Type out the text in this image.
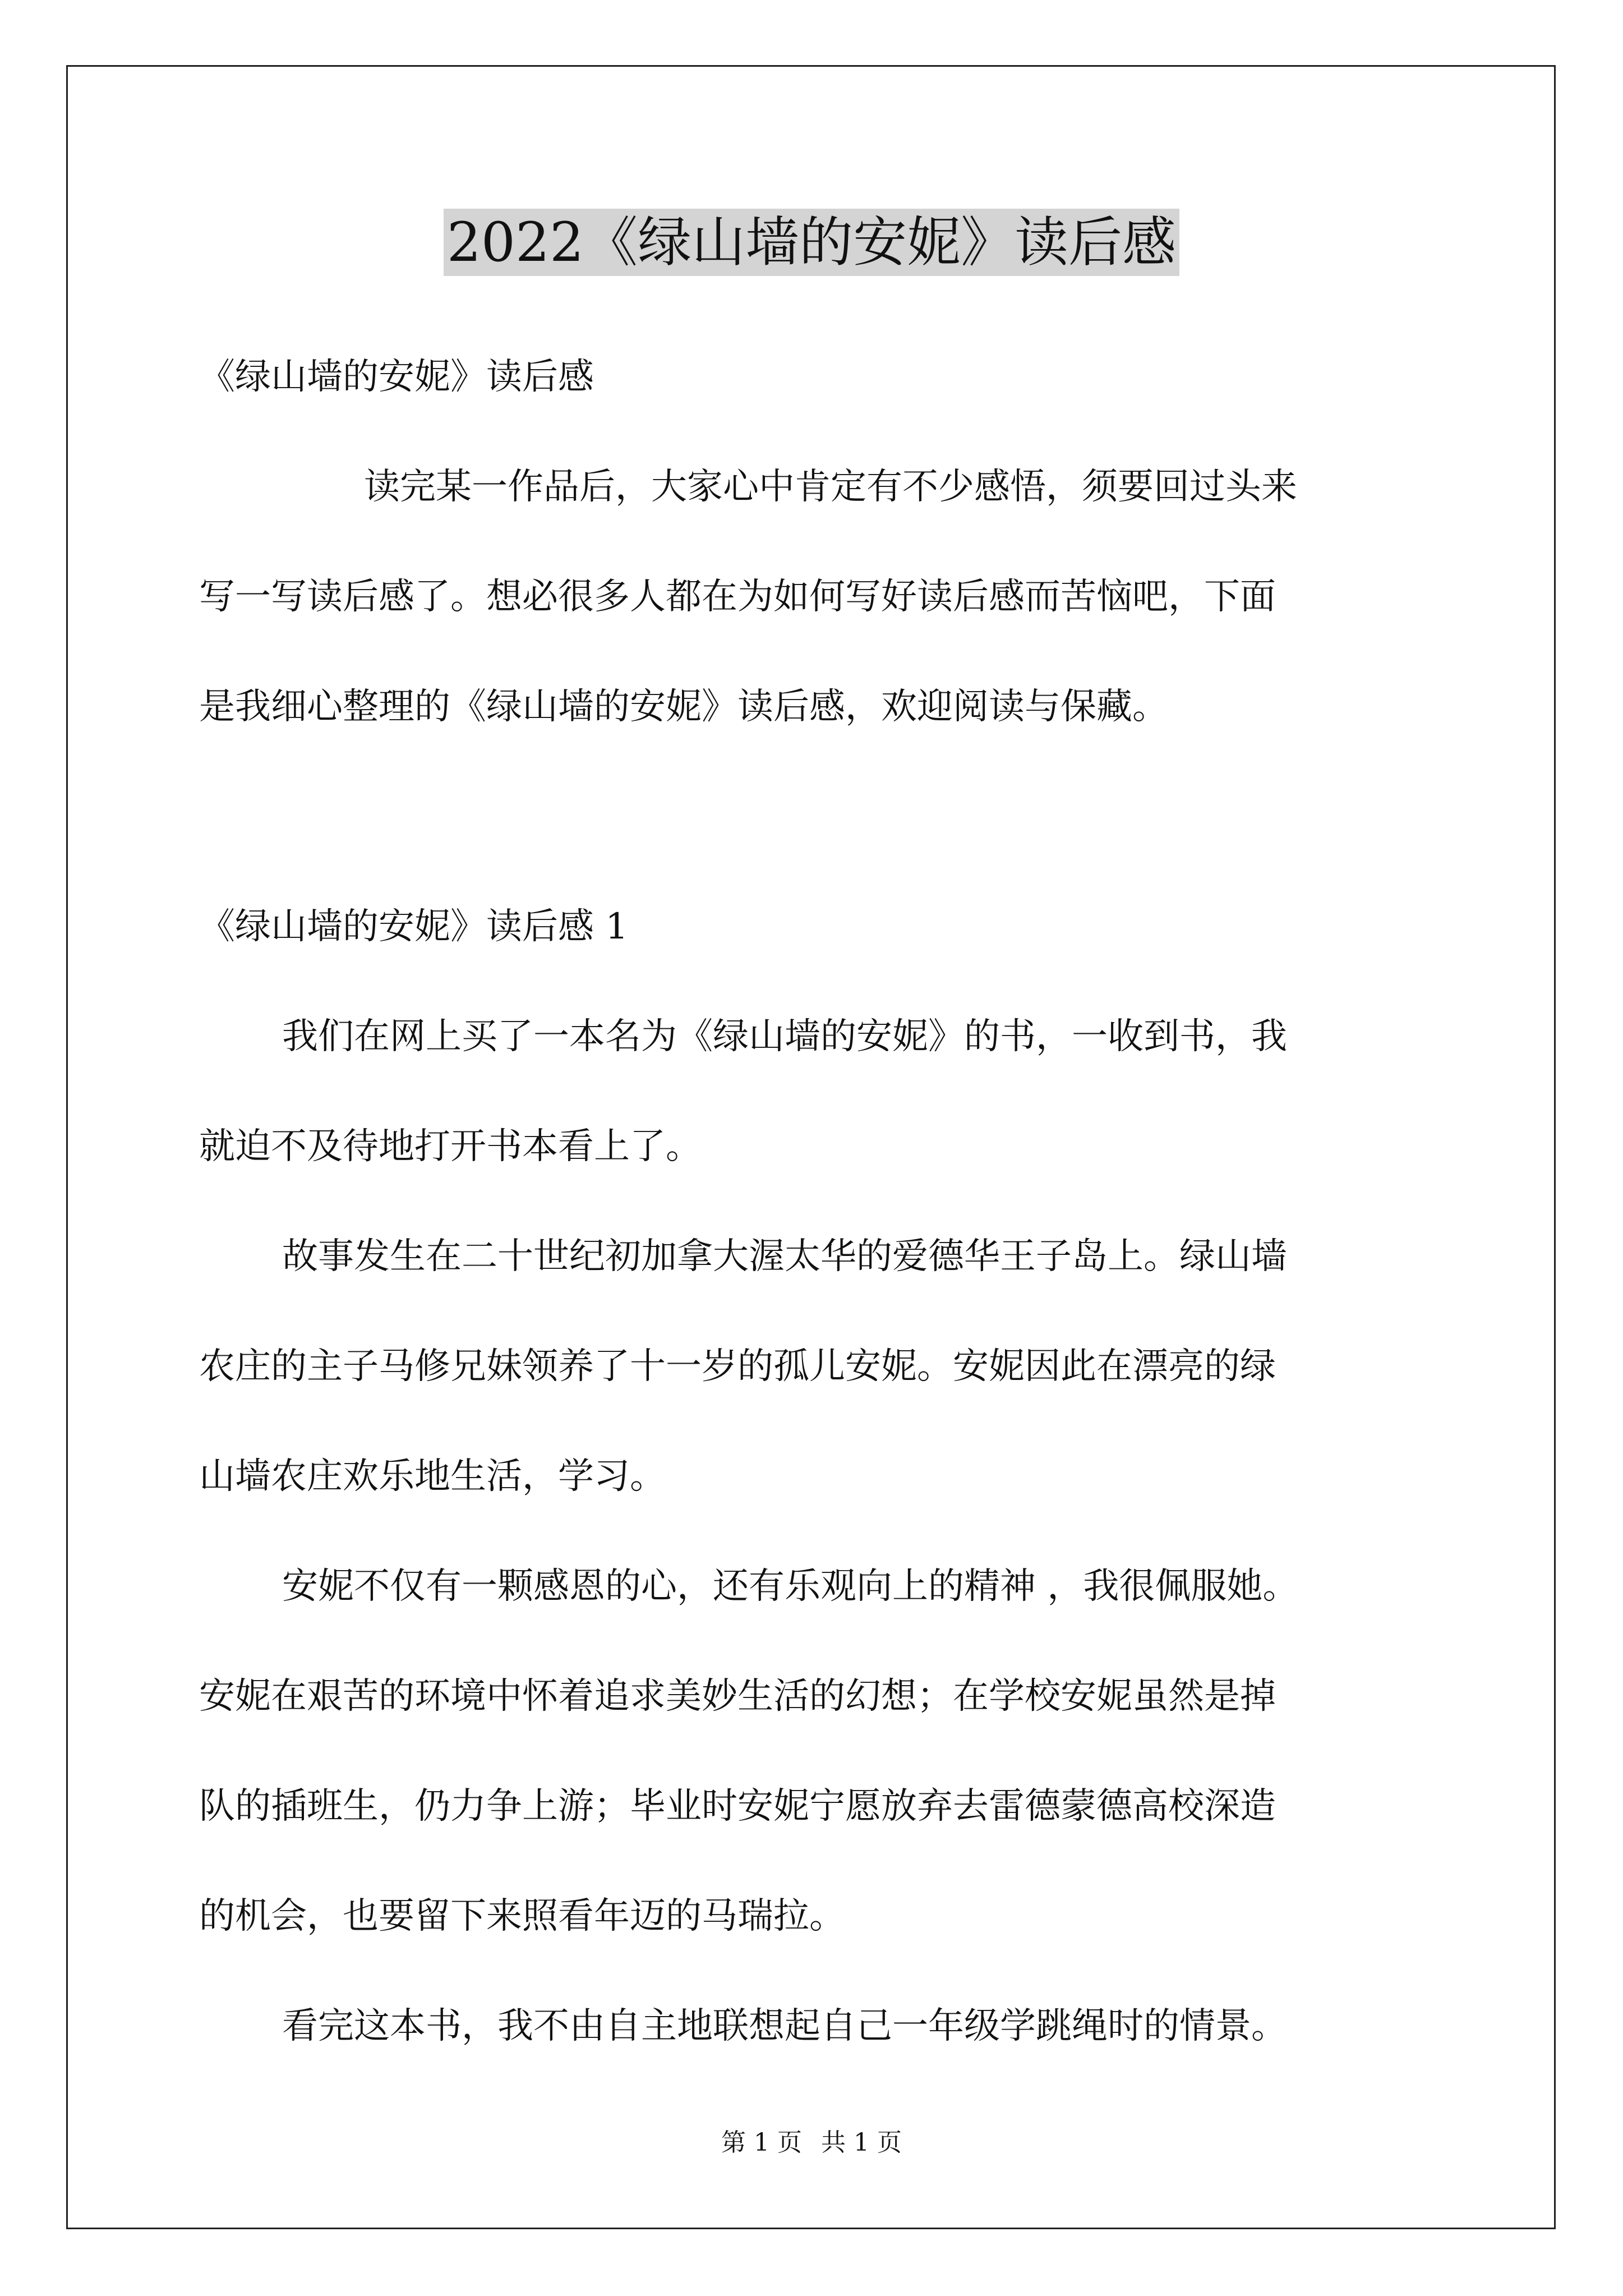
2022《绿山墙的安妮》读后感
《绿山墙的安妮》读后感
读完某一作品后，大家心中肯定有不少感悟，须要回过头来
写一写读后感了。想必很多人都在为如何写好读后感而苦恼吧，下面
是我细心整理的《绿山墙的安妮》读后感，欢迎阅读与保藏。
《绿山墙的安妮》读后感 1
我们在网上买了一本名为《绿山墙的安妮》的书，一收到书，我
就迫不及待地打开书本看上了。
故事发生在二十世纪初加拿大渥太华的爱德华王子岛上。绿山墙
农庄的主子马修兄妹领养了十一岁的孤儿安妮。安妮因此在漂亮的绿
山墙农庄欢乐地生活，学习。
安妮不仅有一颗感恩的心，还有乐观向上的精神 ，我很佩服她。
安妮在艰苦的环境中怀着追求美妙生活的幻想；在学校安妮虽然是掉
队的插班生，仍力争上游；毕业时安妮宁愿放弃去雷德蒙德高校深造
的机会，也要留下来照看年迈的马瑞拉。
看完这本书，我不由自主地联想起自己一年级学跳绳时的情景。
第 1 页 共 1 页
